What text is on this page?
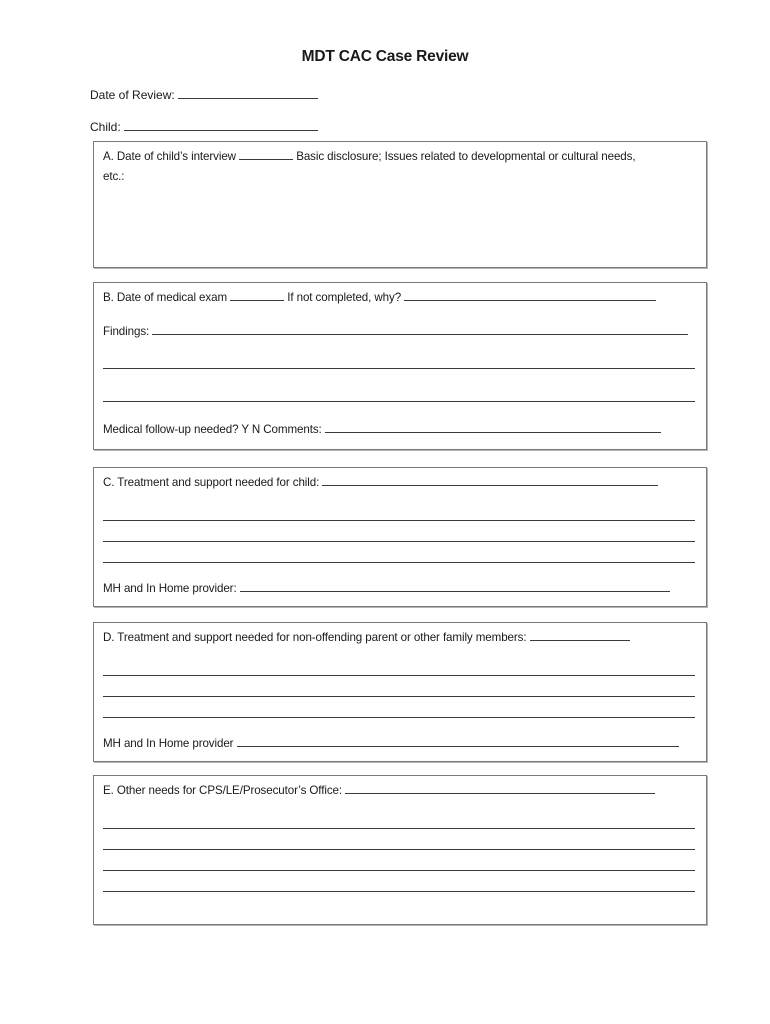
MDT CAC Case Review
Date of Review:
Child:
A. Date of child’s interview	Basic disclosure; Issues related to developmental or cultural needs,
etc.:
B. Date of medical exam	If not completed, why?
Findings:
Medical follow-up needed? Y N Comments:
C. Treatment and support needed for child:
MH and In Home provider:
D. Treatment and support needed for non-offending parent or other family members:
MH and In Home provider
E. Other needs for CPS/LE/Prosecutor’s Office:
